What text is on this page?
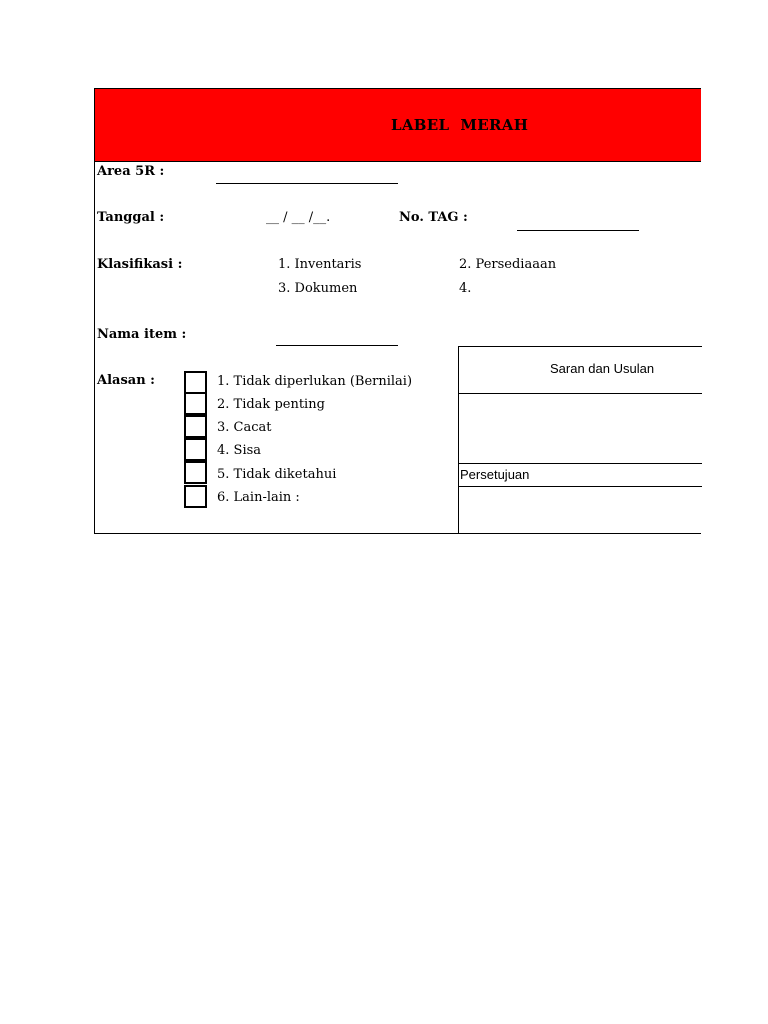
LABEL  MERAH
Area 5R :
Tanggal :	__ / __ /__.	No. TAG :
Klasifikasi :	1. Inventaris	2. Persediaaan
3. Dokumen	4.
Nama item :
Alasan :	1. Tidak diperlukan (Bernilai)
2. Tidak penting
3. Cacat
4. Sisa
5. Tidak diketahui
6. Lain-lain :
Saran dan Usulan
Persetujuan
